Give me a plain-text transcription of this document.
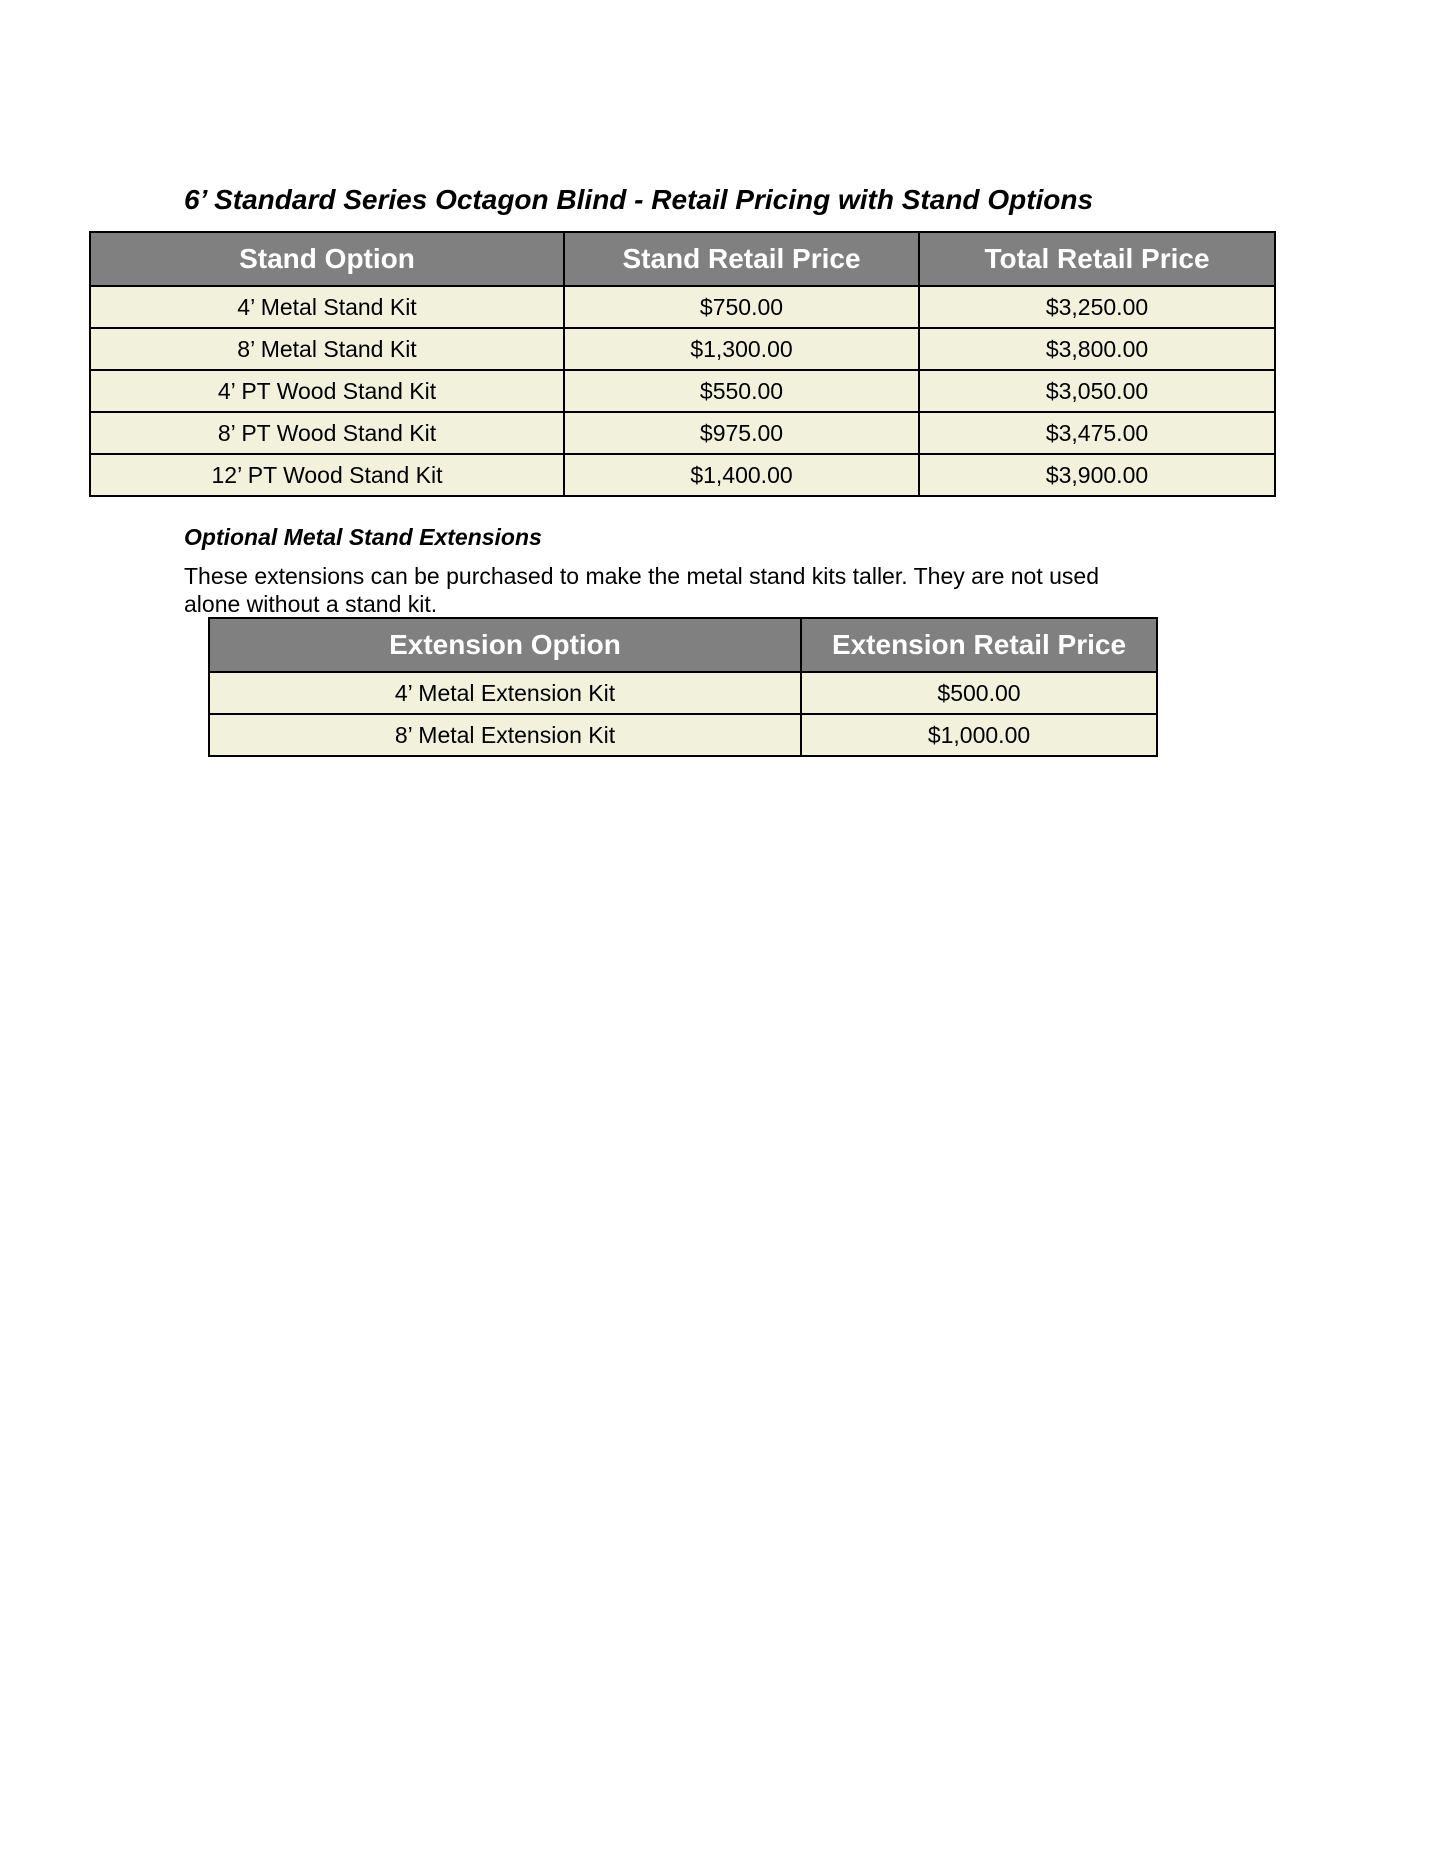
6’ Standard Series Octagon Blind - Retail Pricing with Stand Options
Stand Option	Stand Retail Price	Total Retail Price
4’ Metal Stand Kit	$750.00	$3,250.00
8’ Metal Stand Kit	$1,300.00	$3,800.00
4’ PT Wood Stand Kit	$550.00	$3,050.00
8’ PT Wood Stand Kit	$975.00	$3,475.00
12’ PT Wood Stand Kit	$1,400.00	$3,900.00
Optional Metal Stand Extensions
These extensions can be purchased to make the metal stand kits taller. They are not used alone without a stand kit.
Extension Option	Extension Retail Price
4’ Metal Extension Kit	$500.00
8’ Metal Extension Kit	$1,000.00
